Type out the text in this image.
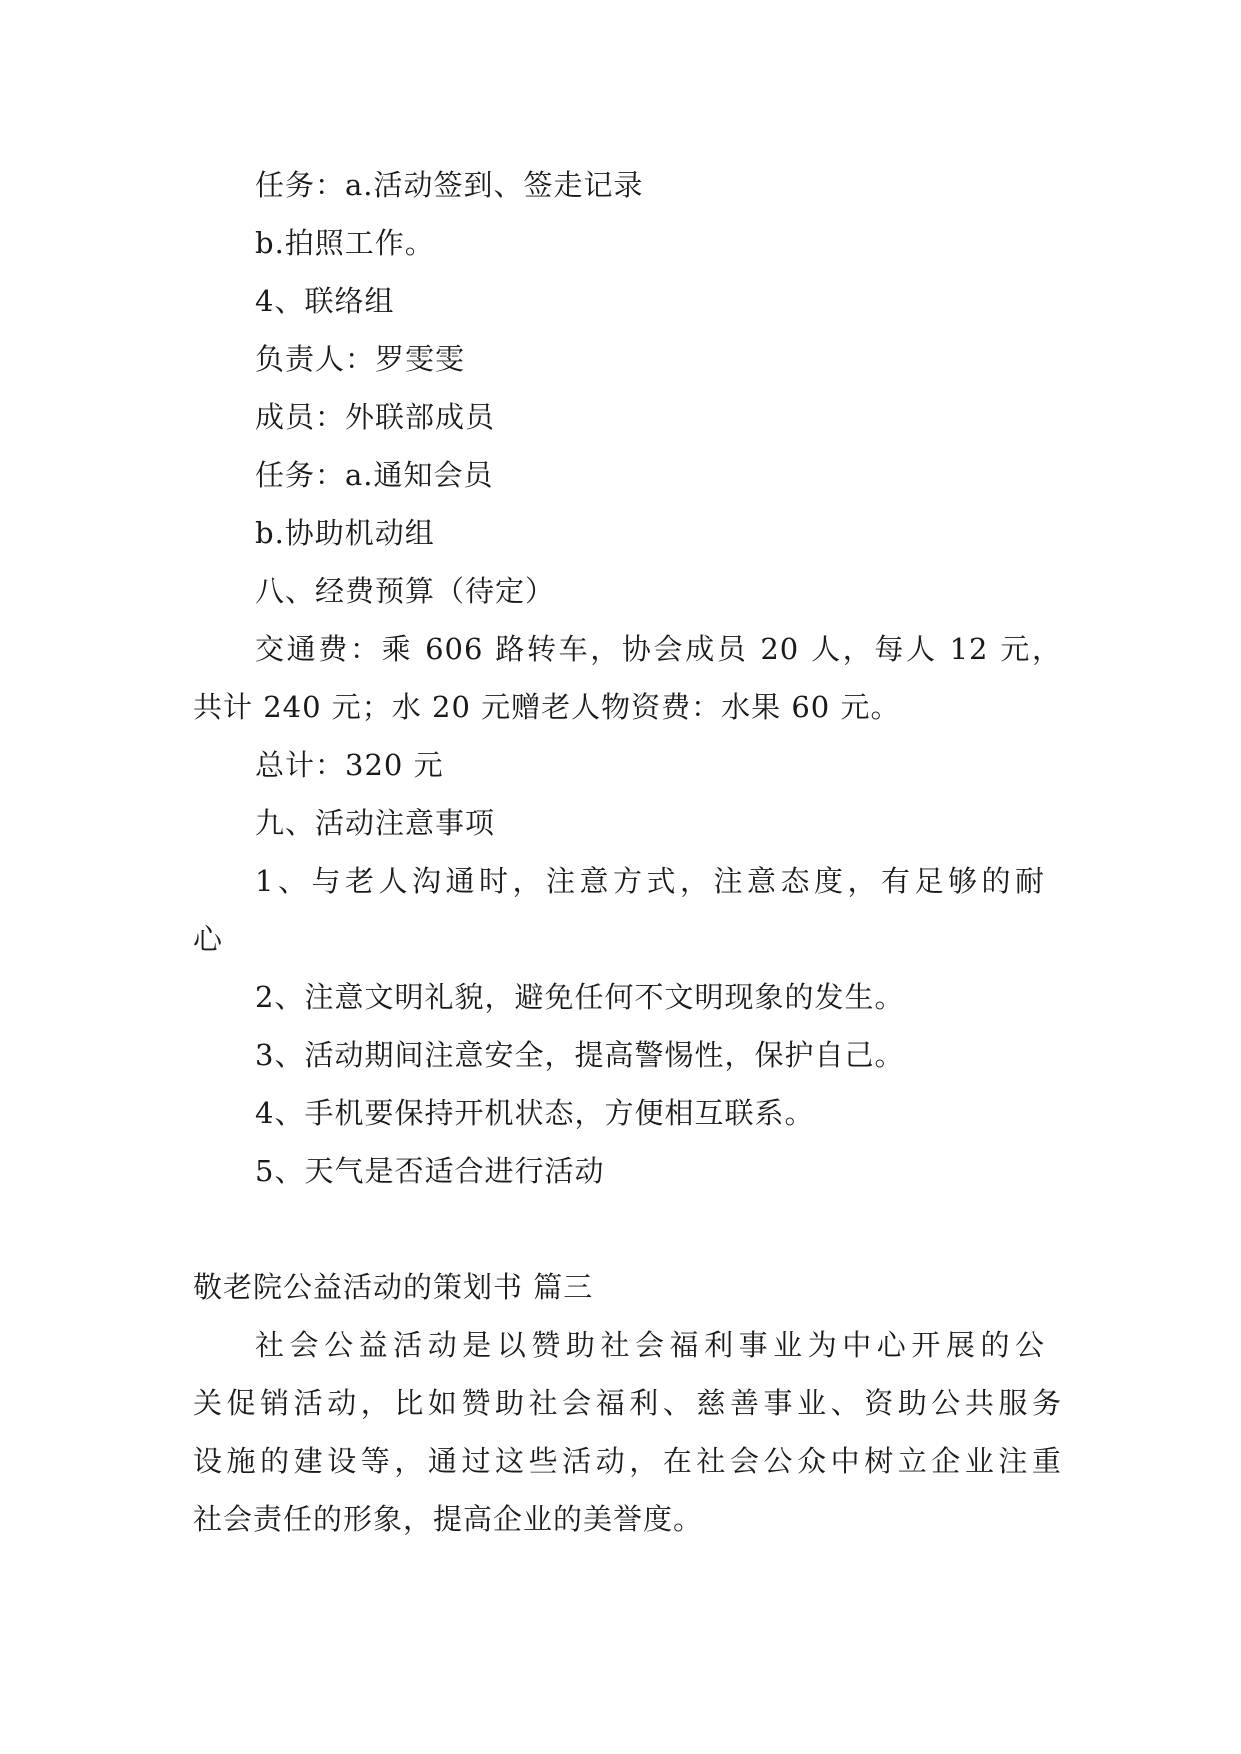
任务：a.活动签到、签走记录
b.拍照工作。
4、联络组
负责人：罗雯雯
成员：外联部成员
任务：a.通知会员
b.协助机动组
八、经费预算（待定）
交通费：乘 606 路转车，协会成员 20 人，每人 12 元，
共计 240 元；水 20 元赠老人物资费：水果 60 元。
总计：320 元
九、活动注意事项
1、与老人沟通时，注意方式，注意态度，有足够的耐
心
2、注意文明礼貌，避免任何不文明现象的发生。
3、活动期间注意安全，提高警惕性，保护自己。
4、手机要保持开机状态，方便相互联系。
5、天气是否适合进行活动
敬老院公益活动的策划书 篇三
社会公益活动是以赞助社会福利事业为中心开展的公
关促销活动，比如赞助社会福利、慈善事业、资助公共服务
设施的建设等，通过这些活动，在社会公众中树立企业注重
社会责任的形象，提高企业的美誉度。
